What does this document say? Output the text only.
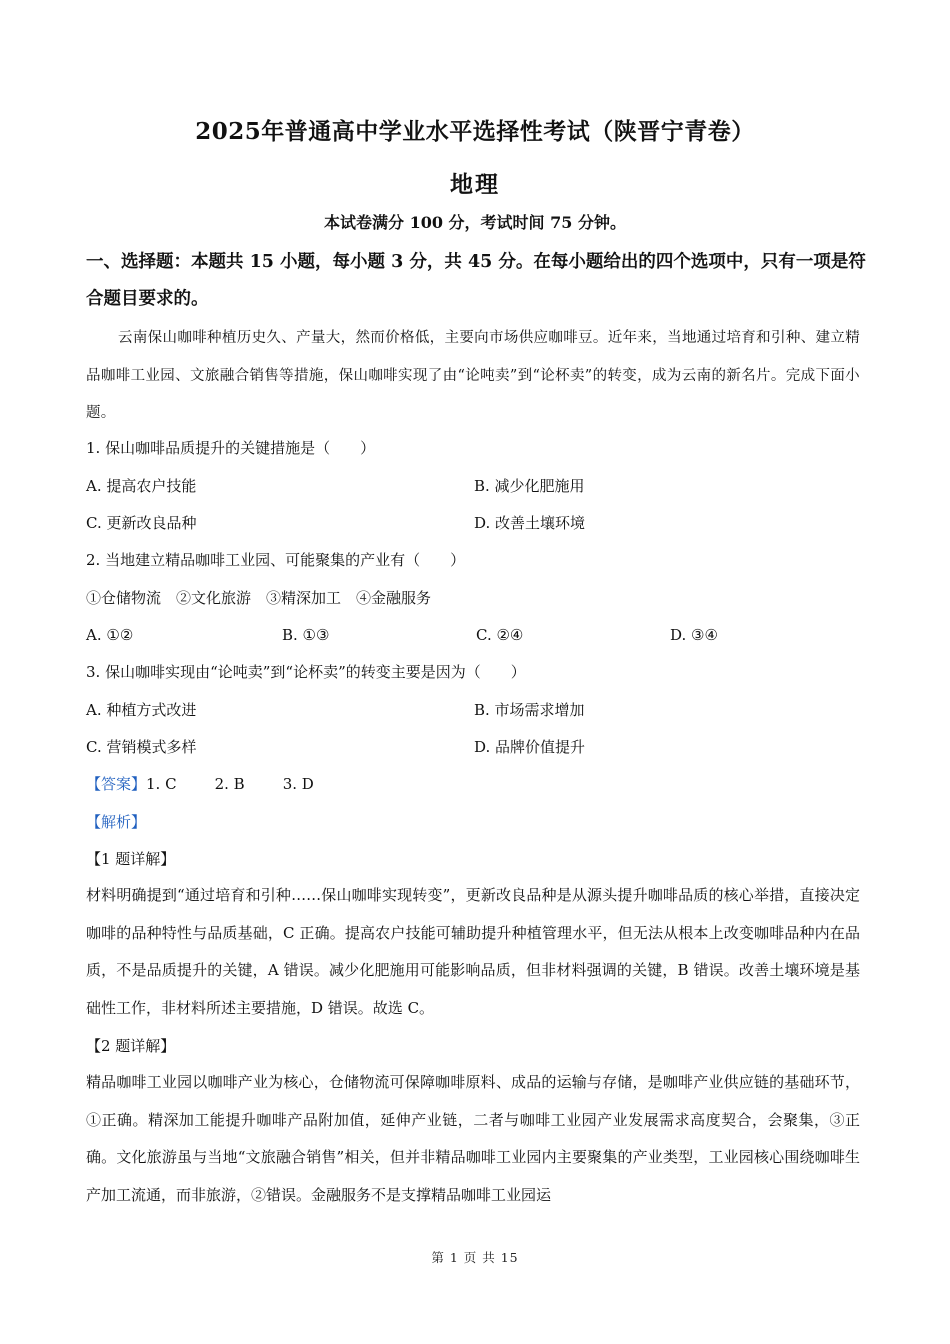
2025年普通高中学业水平选择性考试（陕晋宁青卷）
地理
本试卷满分 100 分，考试时间 75 分钟。
一、选择题：本题共 15 小题，每小题 3 分，共 45 分。在每小题给出的四个选项中，只有一项是符合题目要求的。
云南保山咖啡种植历史久、产量大，然而价格低，主要向市场供应咖啡豆。近年来，当地通过培育和引种、建立精品咖啡工业园、文旅融合销售等措施，保山咖啡实现了由“论吨卖”到“论杯卖”的转变，成为云南的新名片。完成下面小题。
1. 保山咖啡品质提升的关键措施是（　　）
A. 提高农户技能	B. 减少化肥施用
C. 更新改良品种	D. 改善土壤环境
2. 当地建立精品咖啡工业园、可能聚集的产业有（　　）
①仓储物流　②文化旅游　③精深加工　④金融服务
A. ①②	B. ①③	C. ②④	D. ③④
3. 保山咖啡实现由“论吨卖”到“论杯卖”的转变主要是因为（　　）
A. 种植方式改进	B. 市场需求增加
C. 营销模式多样	D. 品牌价值提升
【答案】1. C	2. B	3. D
【解析】
【1 题详解】
材料明确提到“通过培育和引种……保山咖啡实现转变”，更新改良品种是从源头提升咖啡品质的核心举措，直接决定咖啡的品种特性与品质基础，C 正确。提高农户技能可辅助提升种植管理水平，但无法从根本上改变咖啡品种内在品质，不是品质提升的关键，A 错误。减少化肥施用可能影响品质，但非材料强调的关键，B 错误。改善土壤环境是基础性工作，非材料所述主要措施，D 错误。故选 C。
【2 题详解】
精品咖啡工业园以咖啡产业为核心，仓储物流可保障咖啡原料、成品的运输与存储，是咖啡产业供应链的基础环节，①正确。精深加工能提升咖啡产品附加值，延伸产业链，二者与咖啡工业园产业发展需求高度契合，会聚集，③正确。文化旅游虽与当地“文旅融合销售”相关，但并非精品咖啡工业园内主要聚集的产业类型，工业园核心围绕咖啡生产加工流通，而非旅游，②错误。金融服务不是支撑精品咖啡工业园运
第 1 页 共 15
